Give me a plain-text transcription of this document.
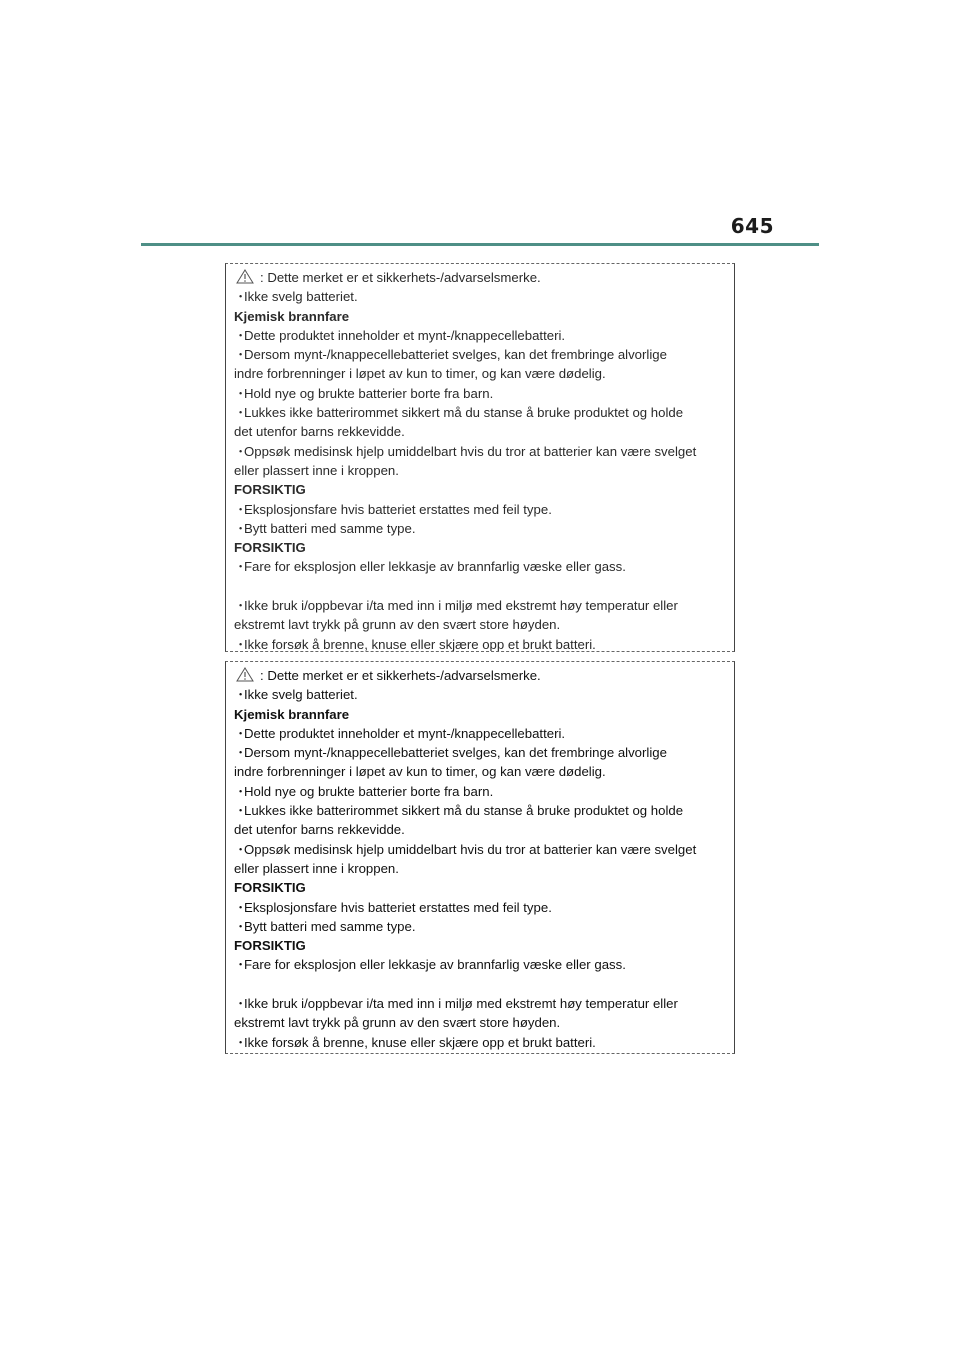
645
: Dette merket er et sikkerhets-/advarselsmerke.
・Ikke svelg batteriet.
Kjemisk brannfare
・Dette produktet inneholder et mynt-/knappecellebatteri.
・Dersom mynt-/knappecellebatteriet svelges, kan det frembringe alvorlige
indre forbrenninger i løpet av kun to timer, og kan være dødelig.
・Hold nye og brukte batterier borte fra barn.
・Lukkes ikke batterirommet sikkert må du stanse å bruke produktet og holde
det utenfor barns rekkevidde.
・Oppsøk medisinsk hjelp umiddelbart hvis du tror at batterier kan være svelget
eller plassert inne i kroppen.
FORSIKTIG
・Eksplosjonsfare hvis batteriet erstattes med feil type.
・Bytt batteri med samme type.
FORSIKTIG
・Fare for eksplosjon eller lekkasje av brannfarlig væske eller gass.
・Ikke bruk i/oppbevar i/ta med inn i miljø med ekstremt høy temperatur eller
ekstremt lavt trykk på grunn av den svært store høyden.
・Ikke forsøk å brenne, knuse eller skjære opp et brukt batteri.
: Dette merket er et sikkerhets-/advarselsmerke.
・Ikke svelg batteriet.
Kjemisk brannfare
・Dette produktet inneholder et mynt-/knappecellebatteri.
・Dersom mynt-/knappecellebatteriet svelges, kan det frembringe alvorlige
indre forbrenninger i løpet av kun to timer, og kan være dødelig.
・Hold nye og brukte batterier borte fra barn.
・Lukkes ikke batterirommet sikkert må du stanse å bruke produktet og holde
det utenfor barns rekkevidde.
・Oppsøk medisinsk hjelp umiddelbart hvis du tror at batterier kan være svelget
eller plassert inne i kroppen.
FORSIKTIG
・Eksplosjonsfare hvis batteriet erstattes med feil type.
・Bytt batteri med samme type.
FORSIKTIG
・Fare for eksplosjon eller lekkasje av brannfarlig væske eller gass.
・Ikke bruk i/oppbevar i/ta med inn i miljø med ekstremt høy temperatur eller
ekstremt lavt trykk på grunn av den svært store høyden.
・Ikke forsøk å brenne, knuse eller skjære opp et brukt batteri.
